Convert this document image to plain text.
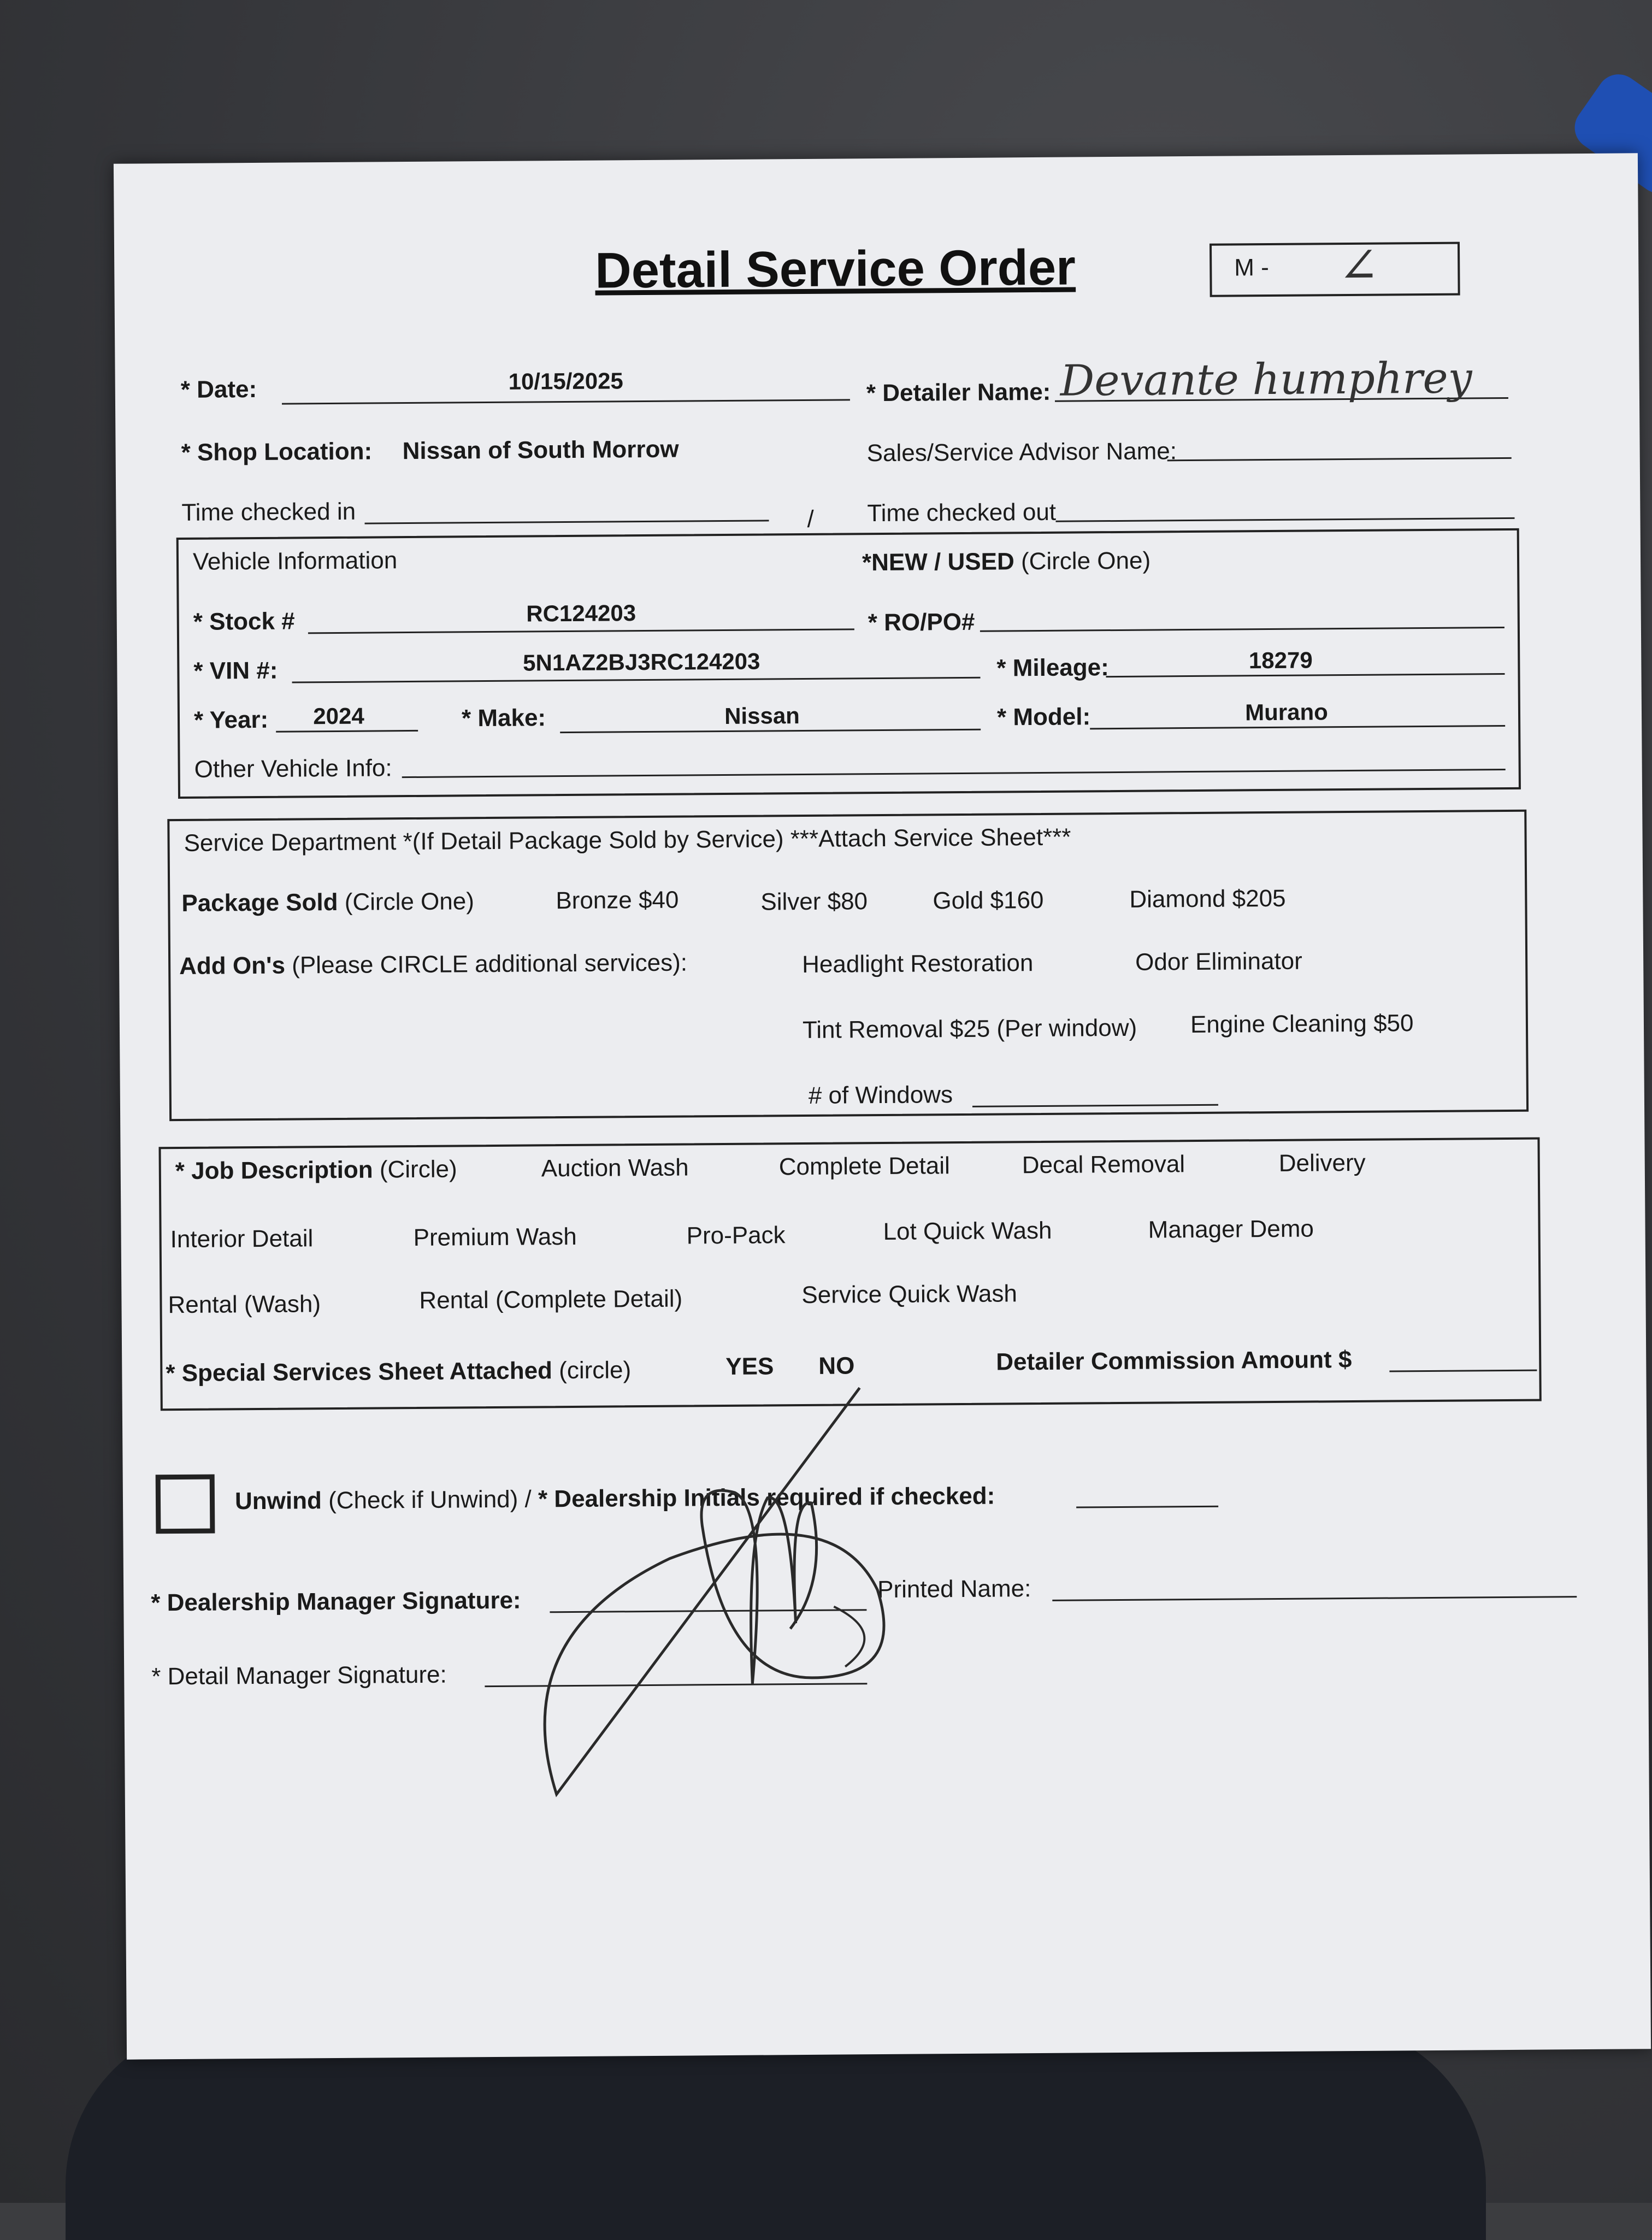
Detail Service Order	M - ∠
* Date:	10/15/2025	* Detailer Name: Devante humphrey
* Shop Location: Nissan of South Morrow	Sales/Service Advisor Name:
Time checked in	/ Time checked out
Vehicle Information	*NEW / USED (Circle One)
* Stock #	RC124203	* RO/PO#
* VIN #:	5N1AZ2BJ3RC124203	* Mileage:	18279
* Year:	2024	* Make:	Nissan	* Model:	Murano
Other Vehicle Info:
Service Department *(If Detail Package Sold by Service) ***Attach Service Sheet***
Package Sold (Circle One)	Bronze $40	Silver $80	Gold $160	Diamond $205
Add On's (Please CIRCLE additional services):	Headlight Restoration	Odor Eliminator
Tint Removal $25 (Per window) Engine Cleaning $50
# of Windows
* Job Description (Circle)	Auction Wash	Complete Detail	Decal Removal	Delivery
Interior Detail	Premium Wash	Pro-Pack	Lot Quick Wash	Manager Demo
Rental (Wash)	Rental (Complete Detail)	Service Quick Wash
* Special Services Sheet Attached (circle)	YES NO	Detailer Commission Amount $
Unwind (Check if Unwind) / * Dealership Initials required if checked:
* Dealership Manager Signature:	Printed Name:
* Detail Manager Signature:
